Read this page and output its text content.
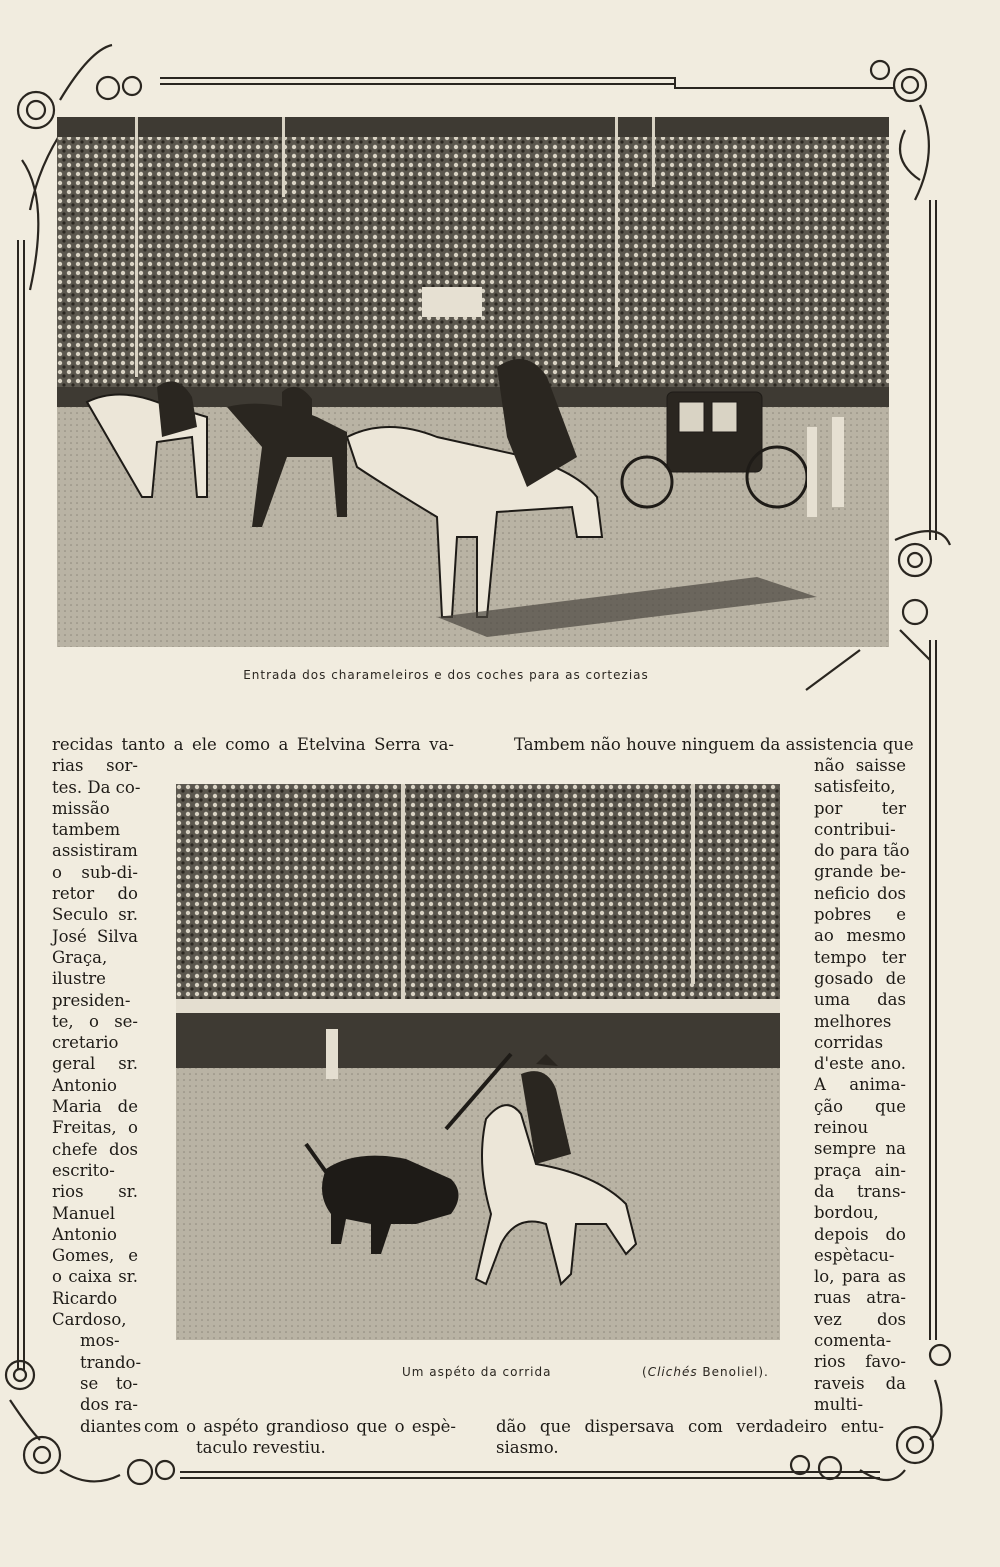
Entrada dos charameleiros e dos coches para as cortezias
Um aspéto da corrida	(Clichés Benoliel).
recidas tanto a ele como a Etelvina Serra va-
rias sor-
tes. Da co-
missão
tambem
assistiram
o sub-di-
retor do
Seculo sr.
José Silva
Graça,
ilustre
presiden-
te, o se-
cretario
geral sr.
Antonio
Maria de
Freitas, o
chefe dos
escrito-
rios sr.
Manuel
Antonio
Gomes, e
o caixa sr.
Ricardo
Cardoso,
mos-
trando-
se to-
dos ra-
diantes com o aspéto grandioso que o espè-
taculo revestiu.
Tambem não houve ninguem da assistencia que
não saisse
satisfeito,
por ter
contribui-
do para tão
grande be-
neficio dos
pobres e
ao mesmo
tempo ter
gosado de
uma das
melhores
corridas
d'este ano.
A anima-
ção que
reinou
sempre na
praça ain-
da trans-
bordou,
depois do
espètacu-
lo, para as
ruas atra-
vez dos
comenta-
rios favo-
raveis da
multi-
dão que dispersava com verdadeiro entu-
siasmo.
